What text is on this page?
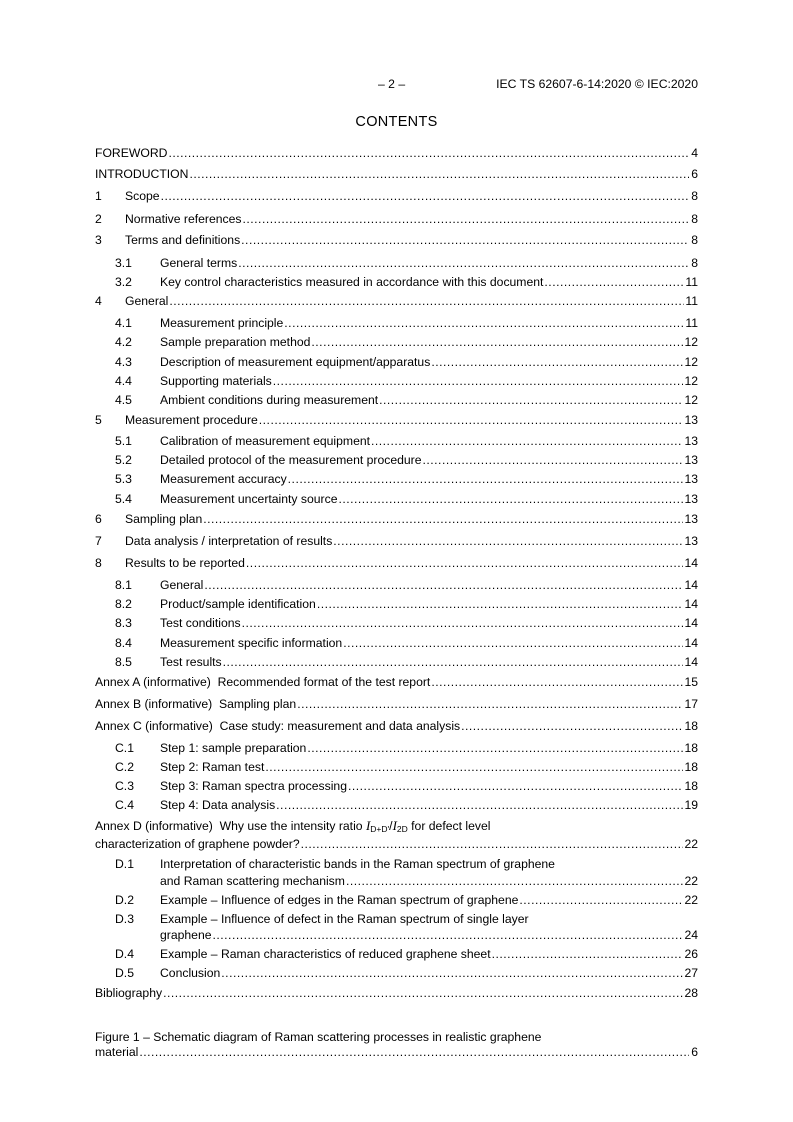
– 2 –	IEC TS 62607-6-14:2020 © IEC:2020
CONTENTS
FOREWORD .....	4
INTRODUCTION .....	6
1	Scope .....	8
2	Normative references .....	8
3	Terms and definitions .....	8
3.1	General terms .....	8
3.2	Key control characteristics measured in accordance with this document .....	11
4	General .....	11
4.1	Measurement principle .....	11
4.2	Sample preparation method .....	12
4.3	Description of measurement equipment/apparatus .....	12
4.4	Supporting materials .....	12
4.5	Ambient conditions during measurement .....	12
5	Measurement procedure .....	13
5.1	Calibration of measurement equipment .....	13
5.2	Detailed protocol of the measurement procedure .....	13
5.3	Measurement accuracy .....	13
5.4	Measurement uncertainty source .....	13
6	Sampling plan .....	13
7	Data analysis / interpretation of results .....	13
8	Results to be reported .....	14
8.1	General .....	14
8.2	Product/sample identification .....	14
8.3	Test conditions .....	14
8.4	Measurement specific information .....	14
8.5	Test results .....	14
Annex A (informative)  Recommended format of the test report .....	15
Annex B (informative)  Sampling plan .....	17
Annex C (informative)  Case study: measurement and data analysis .....	18
C.1	Step 1: sample preparation .....	18
C.2	Step 2: Raman test .....	18
C.3	Step 3: Raman spectra processing .....	18
C.4	Step 4: Data analysis .....	19
Annex D (informative)  Why use the intensity ratio $I_{D+D'}/I_{2D}$ for defect level
characterization of graphene powder? .....	22
D.1 Interpretation of characteristic bands in the Raman spectrum of graphene
and Raman scattering mechanism .....	22
D.2	Example – Influence of edges in the Raman spectrum of graphene .....	22
D.3 Example – Influence of defect in the Raman spectrum of single layer
graphene .....	24
D.4	Example – Raman characteristics of reduced graphene sheet .....	26
D.5	Conclusion .....	27
Bibliography .....	28
Figure 1 – Schematic diagram of Raman scattering processes in realistic graphene
material .....	6
